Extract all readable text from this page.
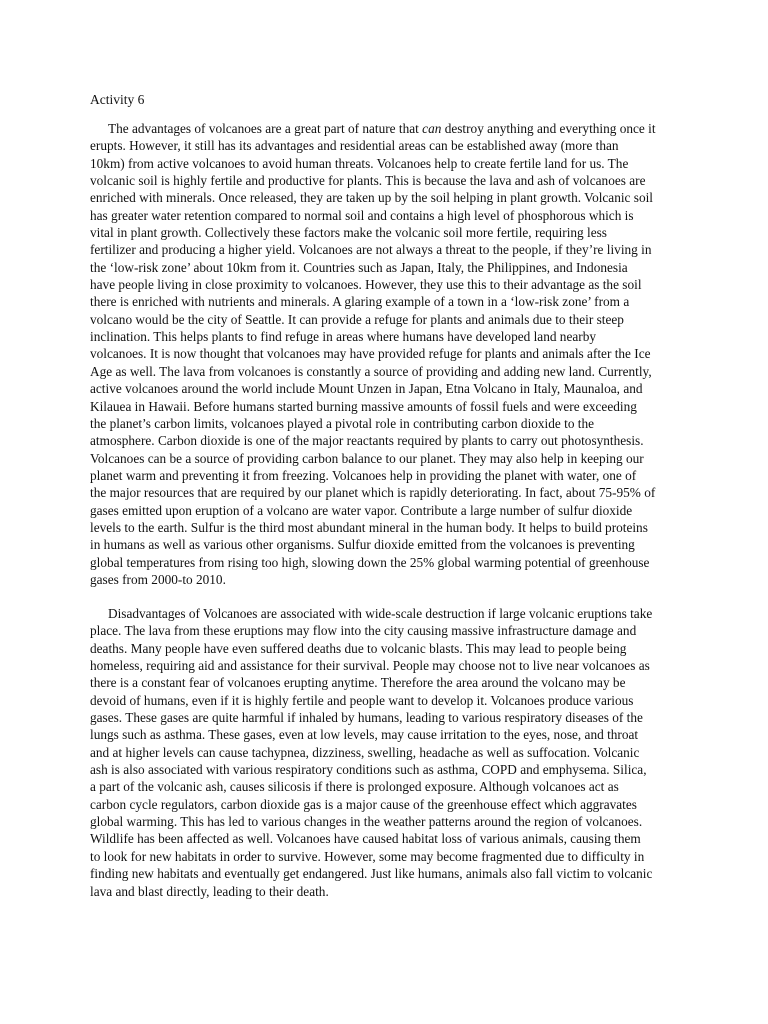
Activity 6

The advantages of volcanoes are a great part of nature that can destroy anything and everything once it
erupts. However, it still has its advantages and residential areas can be established away (more than
10km) from active volcanoes to avoid human threats. Volcanoes help to create fertile land for us. The
volcanic soil is highly fertile and productive for plants. This is because the lava and ash of volcanoes are
enriched with minerals. Once released, they are taken up by the soil helping in plant growth. Volcanic soil
has greater water retention compared to normal soil and contains a high level of phosphorous which is
vital in plant growth. Collectively these factors make the volcanic soil more fertile, requiring less
fertilizer and producing a higher yield. Volcanoes are not always a threat to the people, if they’re living in
the ‘low-risk zone’ about 10km from it. Countries such as Japan, Italy, the Philippines, and Indonesia
have people living in close proximity to volcanoes. However, they use this to their advantage as the soil
there is enriched with nutrients and minerals. A glaring example of a town in a ‘low-risk zone’ from a
volcano would be the city of Seattle. It can provide a refuge for plants and animals due to their steep
inclination. This helps plants to find refuge in areas where humans have developed land nearby
volcanoes. It is now thought that volcanoes may have provided refuge for plants and animals after the Ice
Age as well. The lava from volcanoes is constantly a source of providing and adding new land. Currently,
active volcanoes around the world include Mount Unzen in Japan, Etna Volcano in Italy, Maunaloa, and
Kilauea in Hawaii. Before humans started burning massive amounts of fossil fuels and were exceeding
the planet’s carbon limits, volcanoes played a pivotal role in contributing carbon dioxide to the
atmosphere. Carbon dioxide is one of the major reactants required by plants to carry out photosynthesis.
Volcanoes can be a source of providing carbon balance to our planet. They may also help in keeping our
planet warm and preventing it from freezing. Volcanoes help in providing the planet with water, one of
the major resources that are required by our planet which is rapidly deteriorating. In fact, about 75-95% of
gases emitted upon eruption of a volcano are water vapor. Contribute a large number of sulfur dioxide
levels to the earth. Sulfur is the third most abundant mineral in the human body. It helps to build proteins
in humans as well as various other organisms. Sulfur dioxide emitted from the volcanoes is preventing
global temperatures from rising too high, slowing down the 25% global warming potential of greenhouse
gases from 2000-to 2010.

Disadvantages of Volcanoes are associated with wide-scale destruction if large volcanic eruptions take
place. The lava from these eruptions may flow into the city causing massive infrastructure damage and
deaths. Many people have even suffered deaths due to volcanic blasts. This may lead to people being
homeless, requiring aid and assistance for their survival. People may choose not to live near volcanoes as
there is a constant fear of volcanoes erupting anytime. Therefore the area around the volcano may be
devoid of humans, even if it is highly fertile and people want to develop it. Volcanoes produce various
gases. These gases are quite harmful if inhaled by humans, leading to various respiratory diseases of the
lungs such as asthma. These gases, even at low levels, may cause irritation to the eyes, nose, and throat
and at higher levels can cause tachypnea, dizziness, swelling, headache as well as suffocation. Volcanic
ash is also associated with various respiratory conditions such as asthma, COPD and emphysema. Silica,
a part of the volcanic ash, causes silicosis if there is prolonged exposure. Although volcanoes act as
carbon cycle regulators, carbon dioxide gas is a major cause of the greenhouse effect which aggravates
global warming. This has led to various changes in the weather patterns around the region of volcanoes.
Wildlife has been affected as well. Volcanoes have caused habitat loss of various animals, causing them
to look for new habitats in order to survive. However, some may become fragmented due to difficulty in
finding new habitats and eventually get endangered. Just like humans, animals also fall victim to volcanic
lava and blast directly, leading to their death.
